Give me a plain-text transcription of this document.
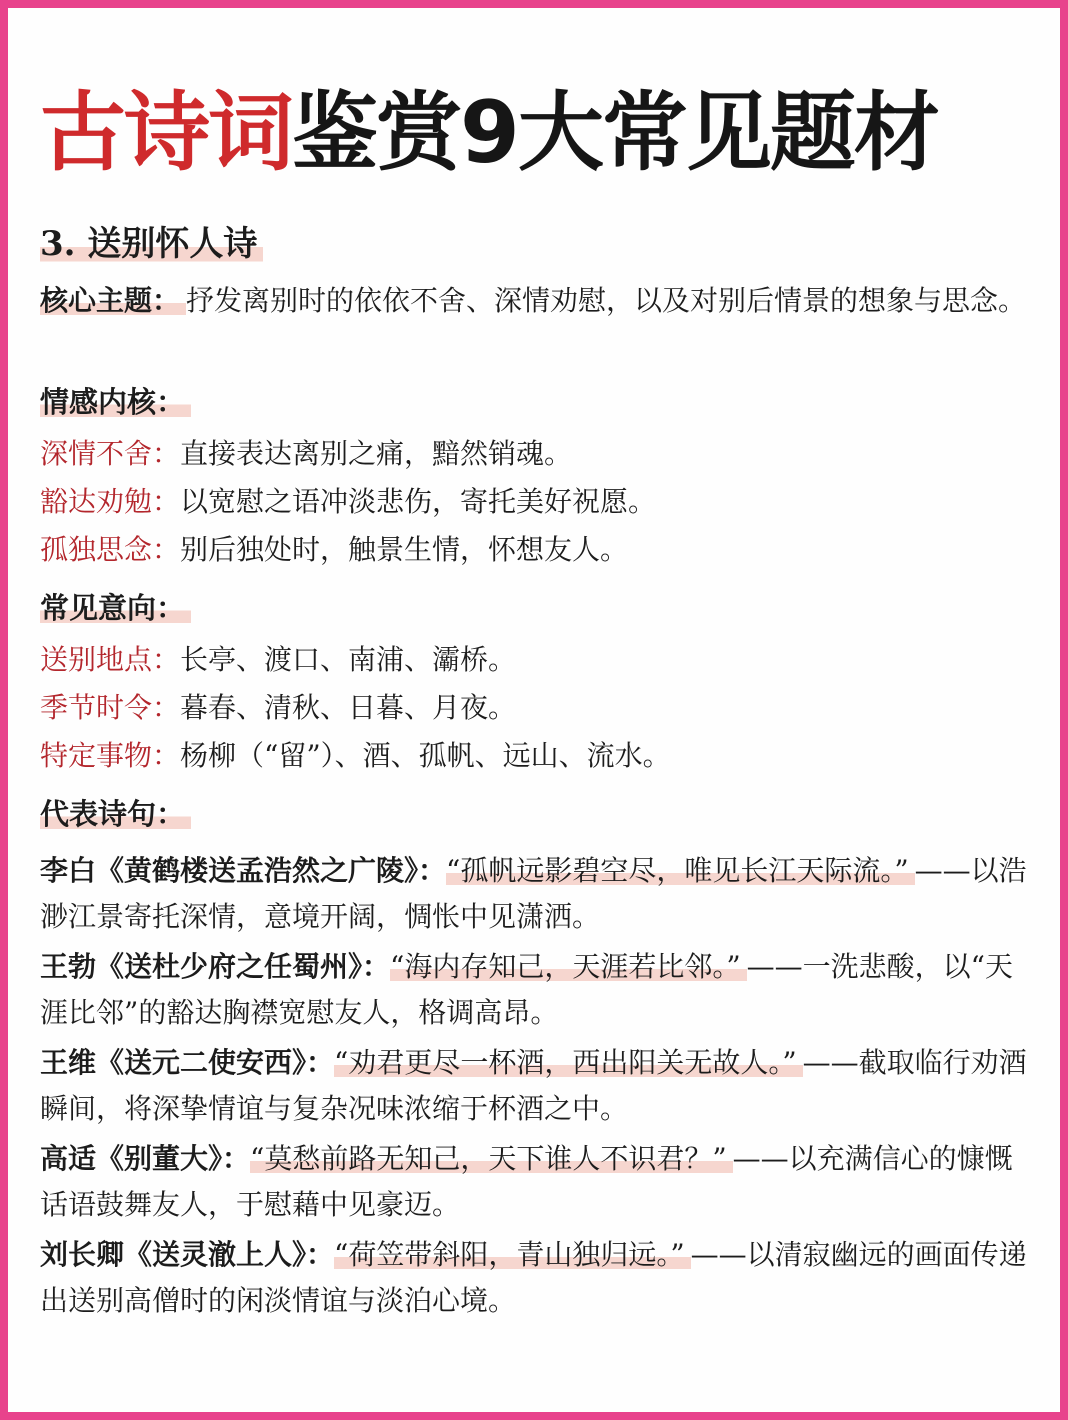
古诗词鉴赏9大常见题材
3. 送别怀人诗
核心主题： 抒发离别时的依依不舍、深情劝慰，以及对别后情景的想象与思念。
情感内核：
深情不舍：直接表达离别之痛，黯然销魂。
豁达劝勉：以宽慰之语冲淡悲伤，寄托美好祝愿。
孤独思念：别后独处时，触景生情，怀想友人。
常见意向：
送别地点：长亭、渡口、南浦、灞桥。
季节时令：暮春、清秋、日暮、月夜。
特定事物：杨柳（“留”）、酒、孤帆、远山、流水。
代表诗句：
李白《黄鹤楼送孟浩然之广陵》：“孤帆远影碧空尽，唯见长江天际流。” ——以浩渺江景寄托深情，意境开阔，惆怅中见潇洒。
王勃《送杜少府之任蜀州》：“海内存知己，天涯若比邻。” ——一洗悲酸，以“天涯比邻”的豁达胸襟宽慰友人，格调高昂。
王维《送元二使安西》：“劝君更尽一杯酒，西出阳关无故人。” ——截取临行劝酒瞬间，将深挚情谊与复杂况味浓缩于杯酒之中。
高适《别董大》：“莫愁前路无知己，天下谁人不识君？” ——以充满信心的慷慨话语鼓舞友人，于慰藉中见豪迈。
刘长卿《送灵澈上人》：“荷笠带斜阳，青山独归远。” ——以清寂幽远的画面传递出送别高僧时的闲淡情谊与淡泊心境。
